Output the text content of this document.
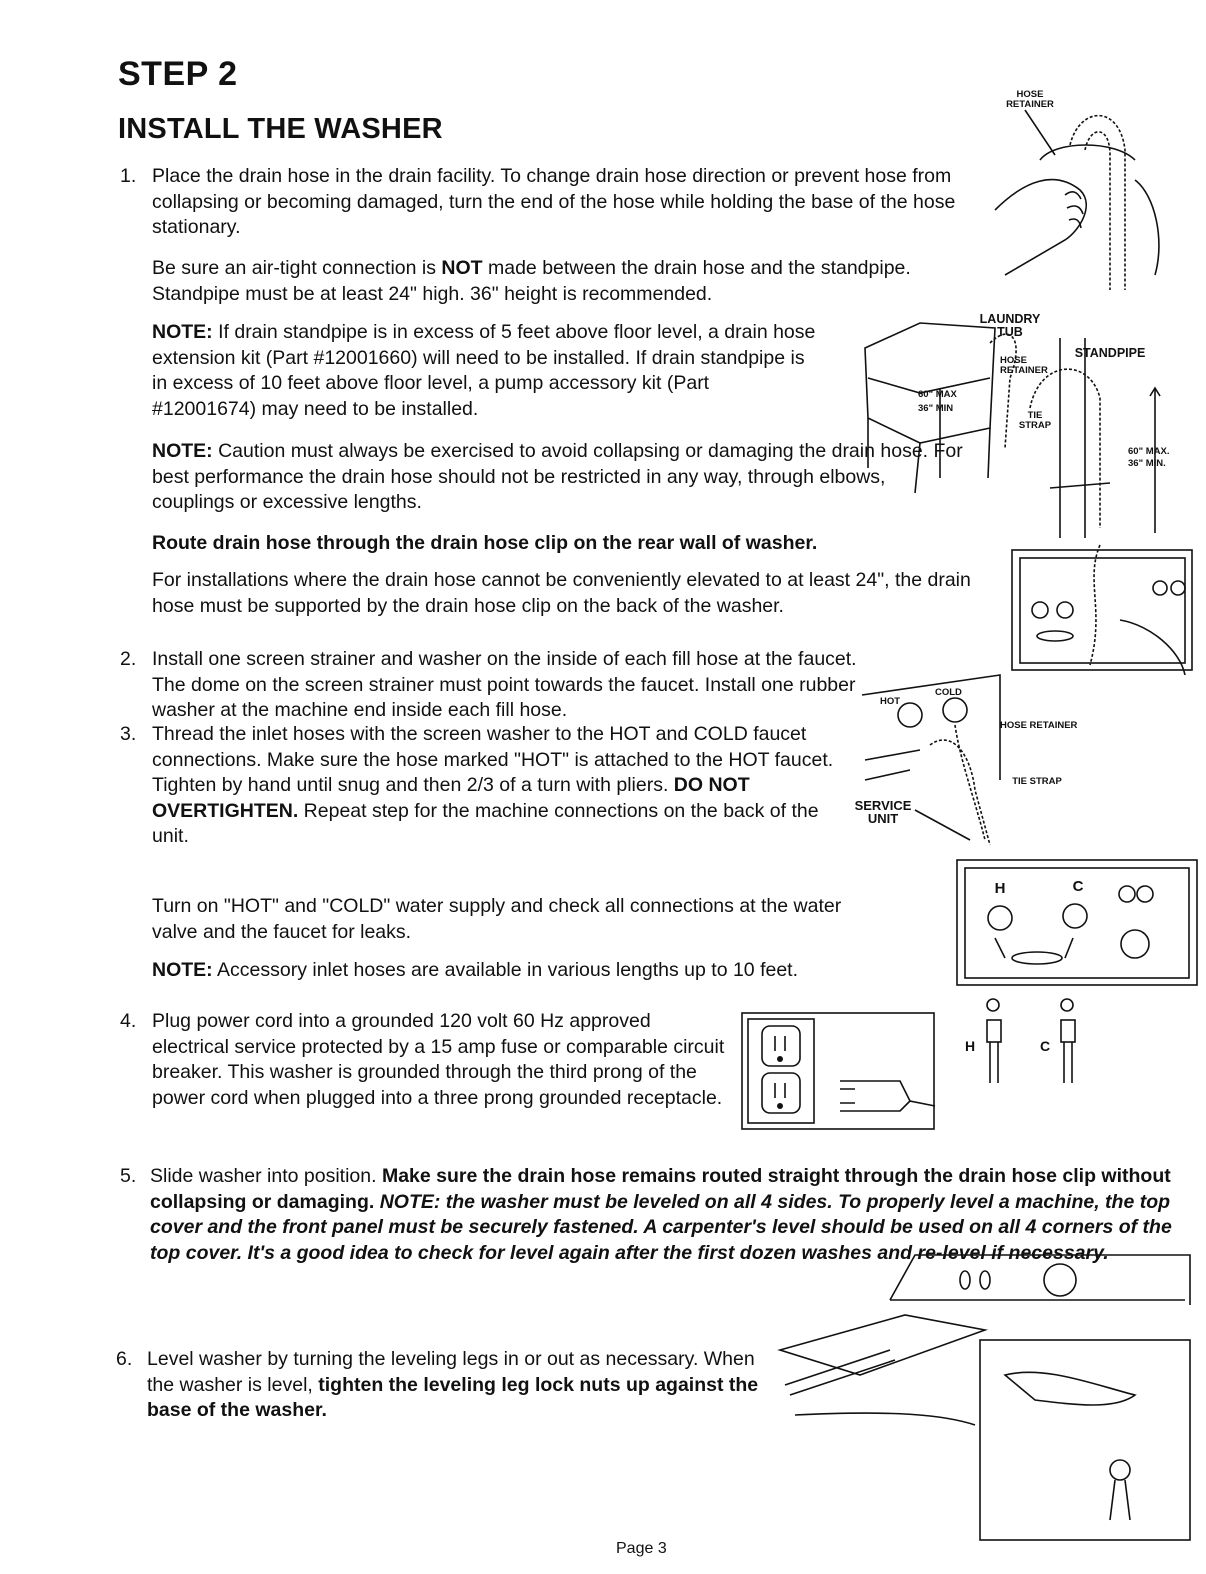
STEP 2
INSTALL THE WASHER
1. Place the drain hose in the drain facility. To change drain hose direction or prevent hose from collapsing or becoming damaged, turn the end of the hose while holding the base of the hose stationary.
Be sure an air-tight connection is NOT made between the drain hose and the standpipe. Standpipe must be at least 24" high. 36" height is recommended.
NOTE: If drain standpipe is in excess of 5 feet above floor level, a drain hose extension kit (Part #12001660) will need to be installed. If drain standpipe is in excess of 10 feet above floor level, a pump accessory kit (Part #12001674) may need to be installed.
NOTE: Caution must always be exercised to avoid collapsing or damaging the drain hose. For best performance the drain hose should not be restricted in any way, through elbows, couplings or excessive lengths.
Route drain hose through the drain hose clip on the rear wall of washer.
For installations where the drain hose cannot be conveniently elevated to at least 24", the drain hose must be supported by the drain hose clip on the back of the washer.
2. Install one screen strainer and washer on the inside of each fill hose at the faucet. The dome on the screen strainer must point towards the faucet. Install one rubber washer at the machine end inside each fill hose.
3. Thread the inlet hoses with the screen washer to the HOT and COLD faucet connections. Make sure the hose marked "HOT" is attached to the HOT faucet. Tighten by hand until snug and then 2/3 of a turn with pliers. DO NOT OVERTIGHTEN. Repeat step for the machine connections on the back of the unit.
Turn on "HOT" and "COLD" water supply and check all connections at the water valve and the faucet for leaks.
NOTE: Accessory inlet hoses are available in various lengths up to 10 feet.
4. Plug power cord into a grounded 120 volt 60 Hz approved electrical service protected by a 15 amp fuse or comparable circuit breaker. This washer is grounded through the third prong of the power cord when plugged into a three prong grounded receptacle.
5. Slide washer into position. Make sure the drain hose remains routed straight through the drain hose clip without collapsing or damaging. NOTE: the washer must be leveled on all 4 sides. To properly level a machine, the top cover and the front panel must be securely fastened. A carpenter's level should be used on all 4 corners of the top cover. It's a good idea to check for level again after the first dozen washes and re-level if necessary.
6. Level washer by turning the leveling legs in or out as necessary. When the washer is level, tighten the leveling leg lock nuts up against the base of the washer.
Page 3
HOSE RETAINER
LAUNDRY TUB
HOSE RETAINER
STANDPIPE
TIE STRAP
60" MAX
36" MIN
60" MAX.
36" MIN.
HOT
COLD
HOSE RETAINER
TIE STRAP
SERVICE UNIT
H	C
H	C
